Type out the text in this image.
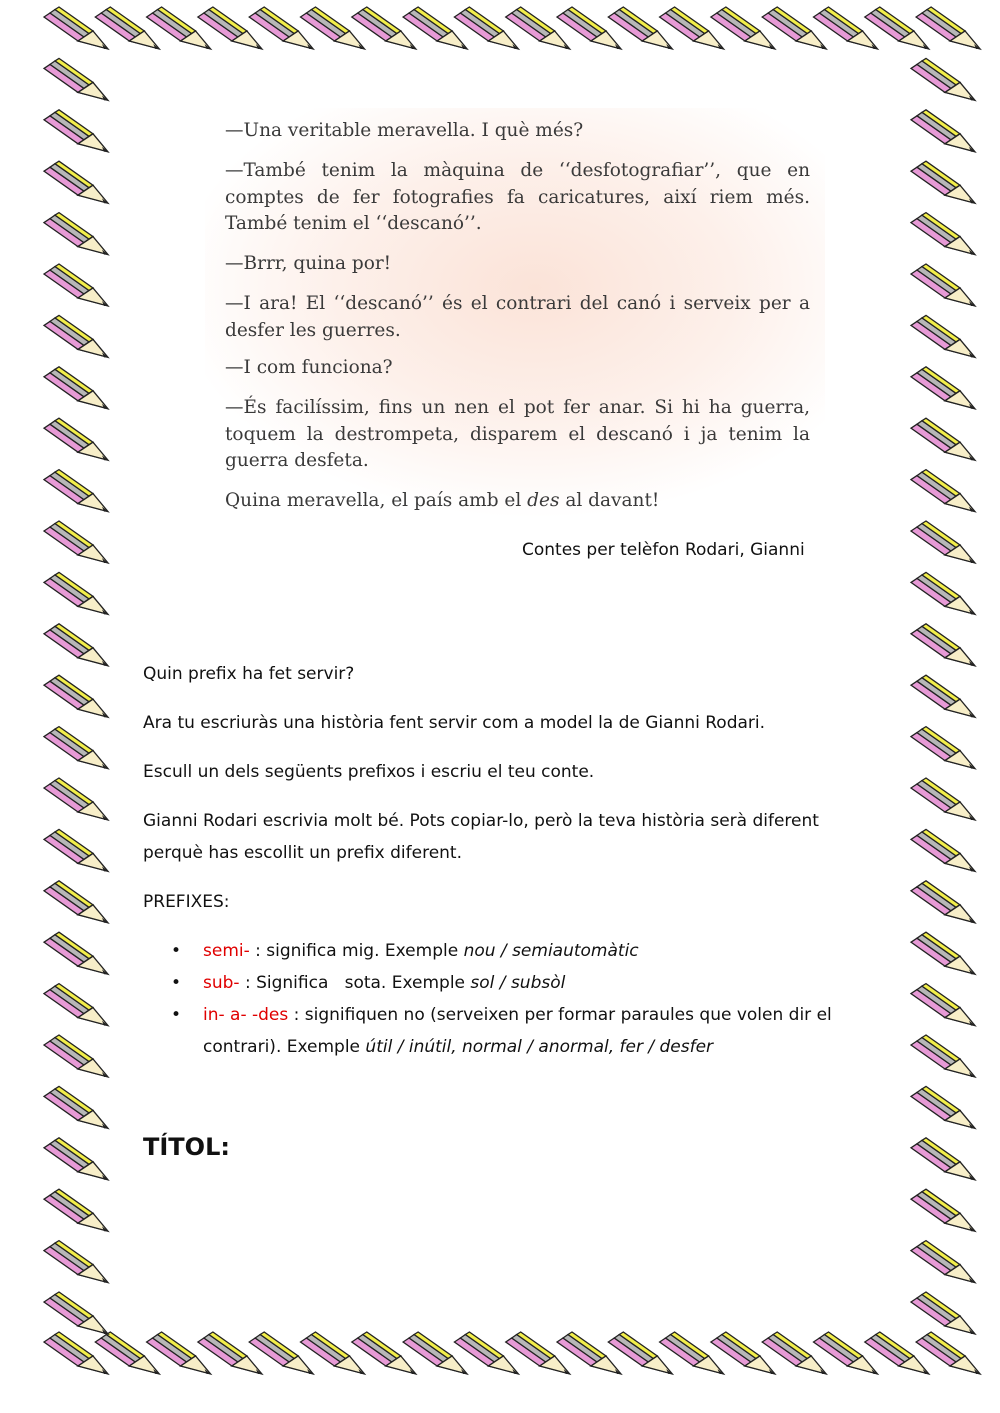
—Una veritable meravella. I què més?

—També tenim la màquina de ‘‘desfotografiar’’, que en comptes de fer fotografies fa caricatures, així riem més. També tenim el ‘‘descanó’’.

—Brrr, quina por!

—I ara! El ‘‘descanó’’ és el contrari del canó i serveix per a desfer les guerres.

—I com funciona?

—És facilíssim, fins un nen el pot fer anar. Si hi ha guerra, toquem la destrompeta, disparem el descanó i ja tenim la guerra desfeta.

Quina meravella, el país amb el des al davant!

Contes per telèfon Rodari, Gianni

Quin prefix ha fet servir?

Ara tu escriuràs una història fent servir com a model la de Gianni Rodari.

Escull un dels següents prefixos i escriu el teu conte.

Gianni Rodari escrivia molt bé. Pots copiar-lo, però la teva història serà diferent perquè has escollit un prefix diferent.

PREFIXES:

• semi- : significa mig. Exemple nou / semiautomàtic
• sub- : Significa   sota. Exemple sol / subsòl
• in- a- -des : signifiquen no (serveixen per formar paraules que volen dir el contrari). Exemple útil / inútil, normal / anormal, fer / desfer
TÍTOL:
